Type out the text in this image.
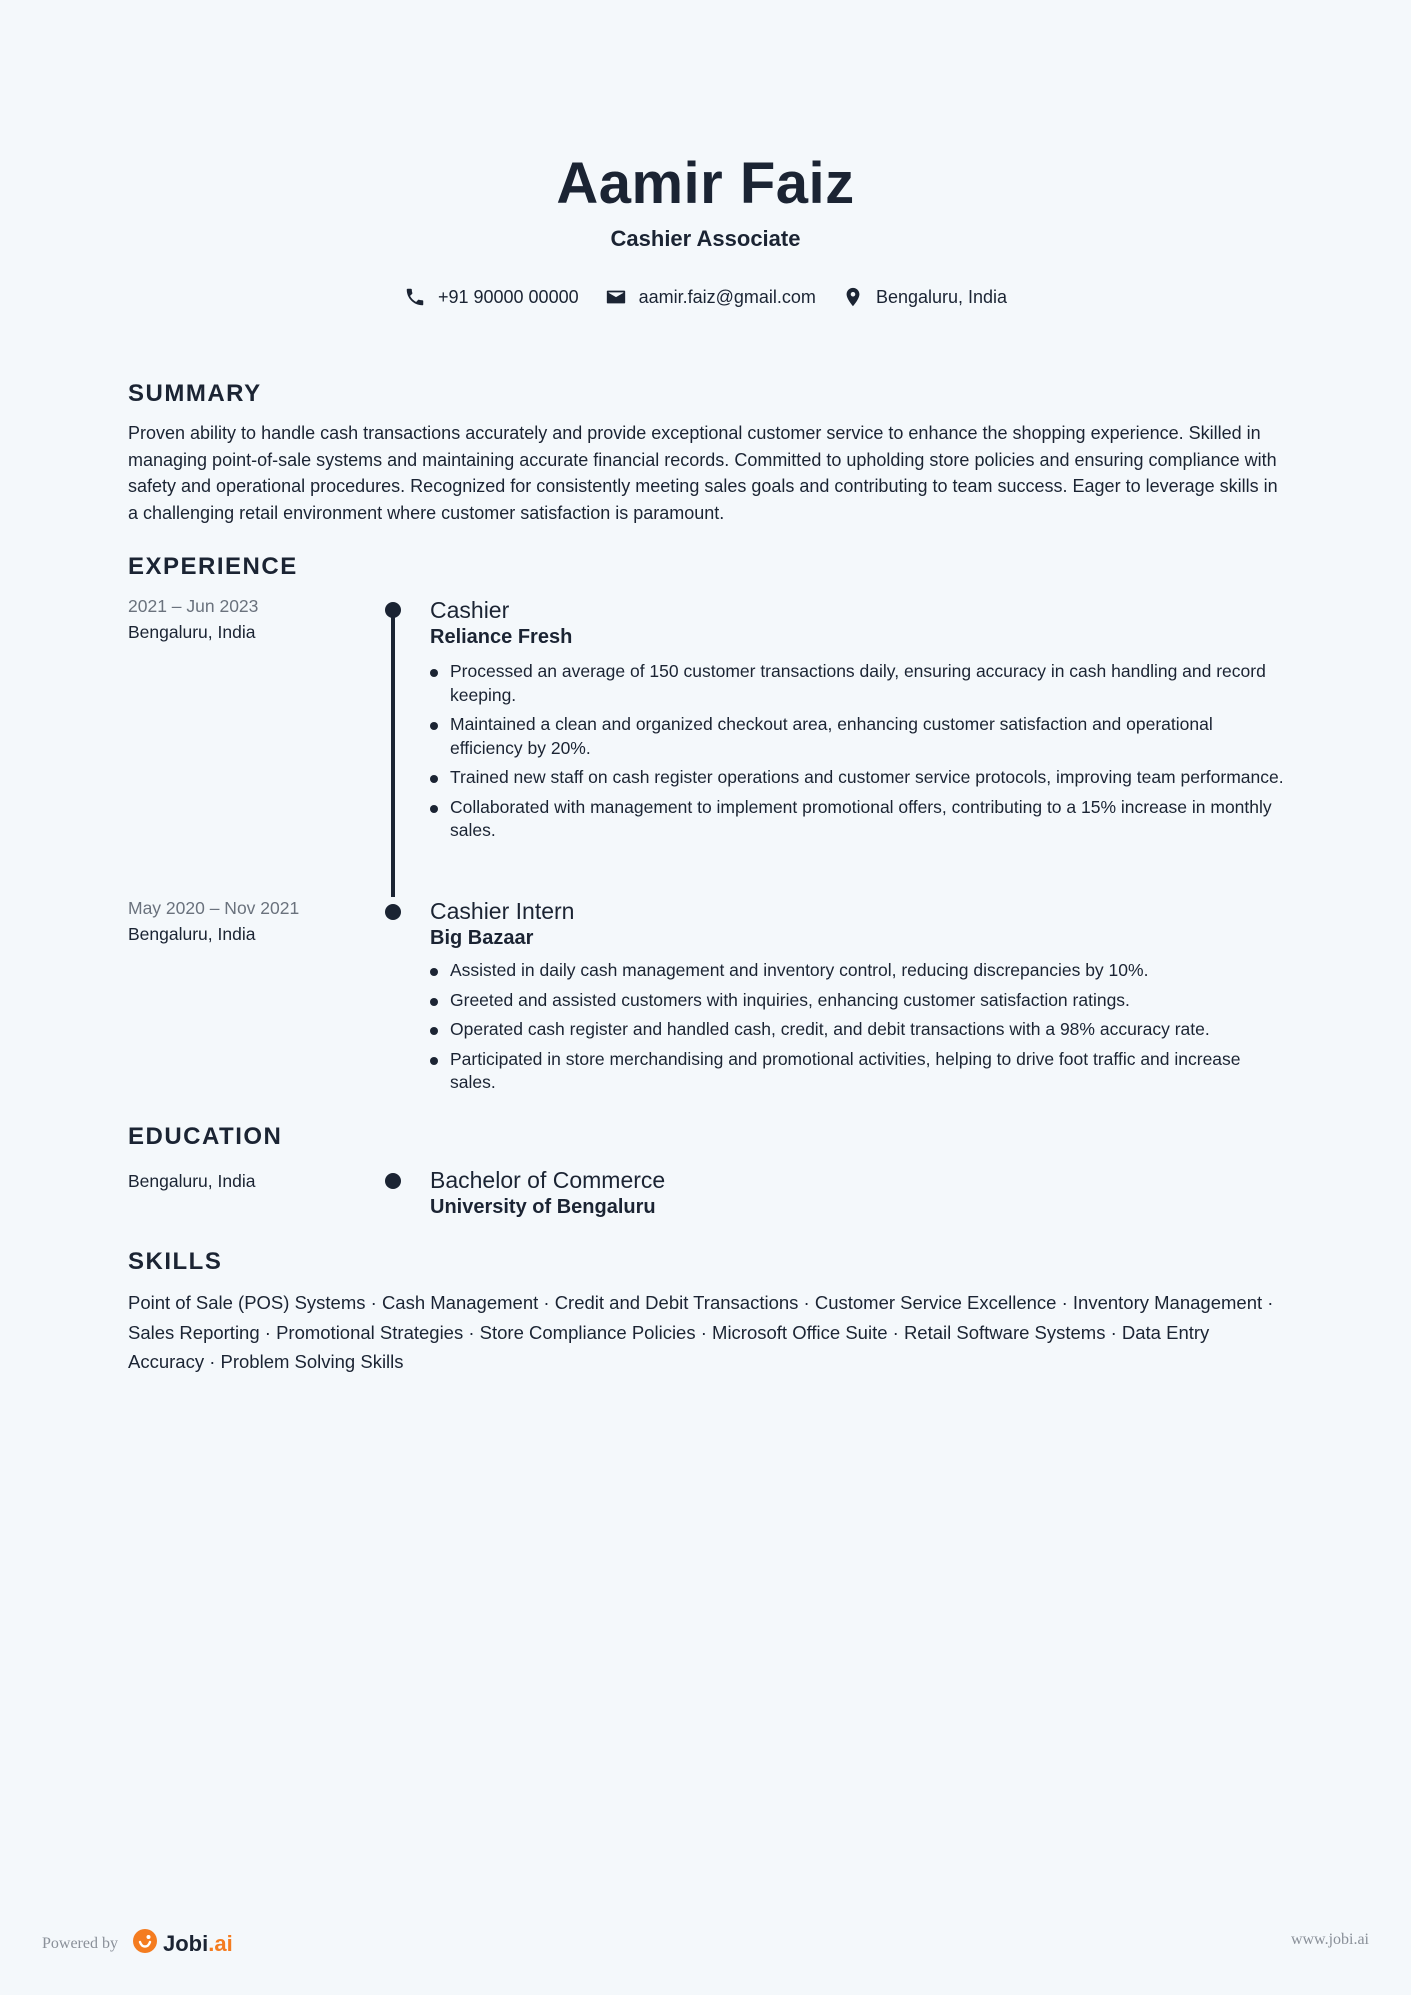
Aamir Faiz
Cashier Associate
+91 90000 00000	aamir.faiz@gmail.com	Bengaluru, India
SUMMARY
Proven ability to handle cash transactions accurately and provide exceptional customer service to enhance the shopping experience. Skilled in managing point-of-sale systems and maintaining accurate financial records. Committed to upholding store policies and ensuring compliance with safety and operational procedures. Recognized for consistently meeting sales goals and contributing to team success. Eager to leverage skills in a challenging retail environment where customer satisfaction is paramount.
EXPERIENCE
2021 – Jun 2023
Bengaluru, India
Cashier
Reliance Fresh
Processed an average of 150 customer transactions daily, ensuring accuracy in cash handling and record keeping.
Maintained a clean and organized checkout area, enhancing customer satisfaction and operational efficiency by 20%.
Trained new staff on cash register operations and customer service protocols, improving team performance.
Collaborated with management to implement promotional offers, contributing to a 15% increase in monthly sales.
May 2020 – Nov 2021
Bengaluru, India
Cashier Intern
Big Bazaar
Assisted in daily cash management and inventory control, reducing discrepancies by 10%.
Greeted and assisted customers with inquiries, enhancing customer satisfaction ratings.
Operated cash register and handled cash, credit, and debit transactions with a 98% accuracy rate.
Participated in store merchandising and promotional activities, helping to drive foot traffic and increase sales.
EDUCATION
Bengaluru, India	Bachelor of Commerce
University of Bengaluru
SKILLS
Point of Sale (POS) Systems · Cash Management · Credit and Debit Transactions · Customer Service Excellence · Inventory Management · Sales Reporting · Promotional Strategies · Store Compliance Policies · Microsoft Office Suite · Retail Software Systems · Data Entry Accuracy · Problem Solving Skills
Powered by Jobi.ai	www.jobi.ai
